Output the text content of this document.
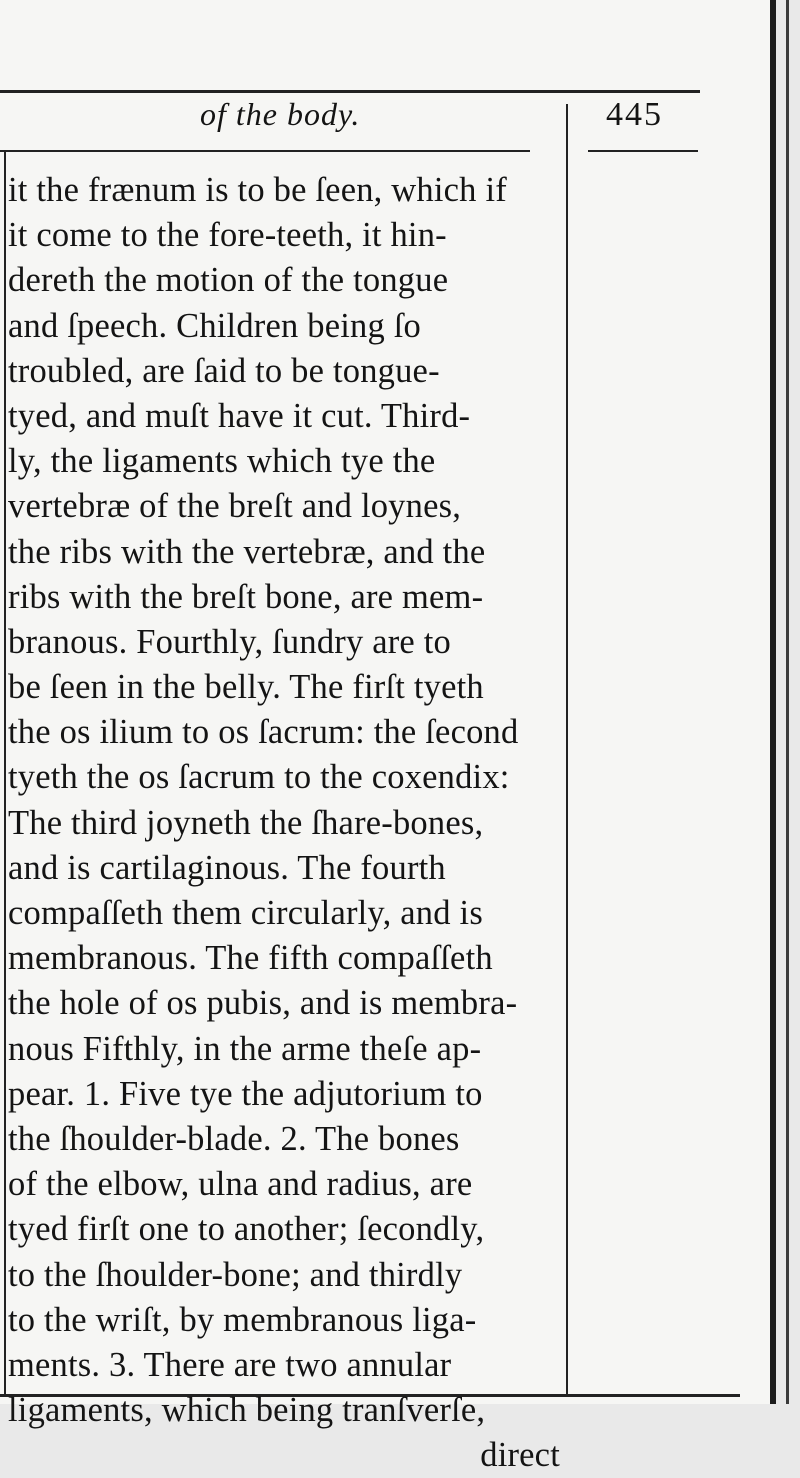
of the body.	445
it the frænum is to be ſeen, which if
it come to the fore-teeth, it hin-
dereth the motion of the tongue
and ſpeech. Children being ſo
troubled, are ſaid to be tongue-
tyed, and muſt have it cut. Third-
ly, the ligaments which tye the
vertebræ of the breſt and loynes,
the ribs with the vertebræ, and the
ribs with the breſt bone, are mem-
branous. Fourthly, ſundry are to
be ſeen in the belly. The firſt tyeth
the os ilium to os ſacrum: the ſecond
tyeth the os ſacrum to the coxendix:
The third joyneth the ſhare-bones,
and is cartilaginous. The fourth
compaſſeth them circularly, and is
membranous. The fifth compaſſeth
the hole of os pubis, and is membra-
nous Fifthly, in the arme theſe ap-
pear. 1. Five tye the adjutorium to
the ſhoulder-blade. 2. The bones
of the elbow, ulna and radius, are
tyed firſt one to another; ſecondly,
to the ſhoulder-bone; and thirdly
to the wriſt, by membranous liga-
ments. 3. There are two annular
ligaments, which being tranſverſe,
direct
